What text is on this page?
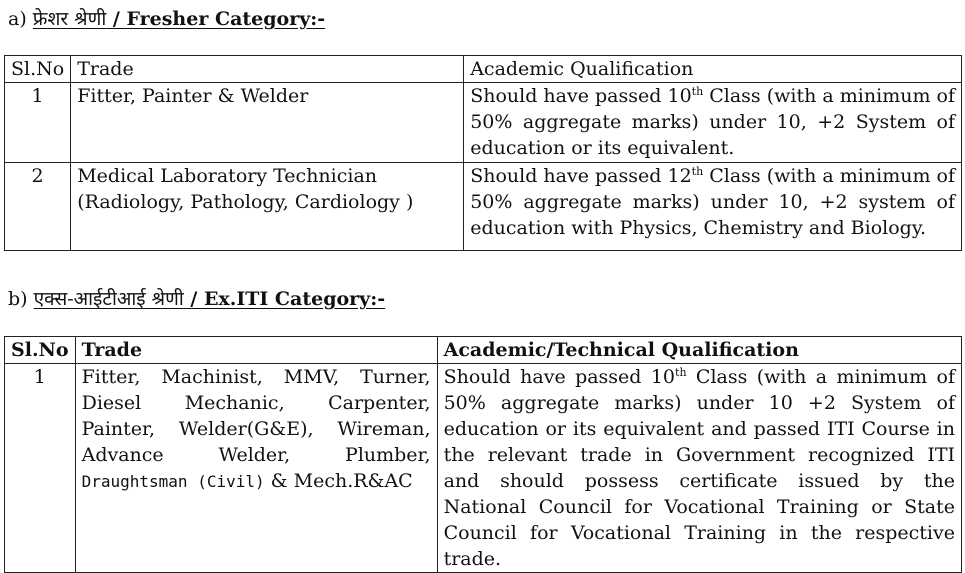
a) फ्रेशर श्रेणी / Fresher Category:-
Sl.No	Trade	Academic Qualification
1	Fitter, Painter & Welder	Should have passed 10th Class (with a minimum of 50% aggregate marks) under 10, +2 System of education or its equivalent.
2	Medical Laboratory Technician (Radiology, Pathology, Cardiology )	Should have passed 12th Class (with a minimum of 50% aggregate marks) under 10, +2 system of education with Physics, Chemistry and Biology.
b) एक्स-आईटीआई श्रेणी / Ex.ITI Category:-
Sl.No	Trade	Academic/Technical Qualification
1	Fitter, Machinist, MMV, Turner, Diesel Mechanic, Carpenter, Painter, Welder(G&E), Wireman, Advance Welder, Plumber, Draughtsman (Civil) & Mech.R&AC	Should have passed 10th Class (with a minimum of 50% aggregate marks) under 10 +2 System of education or its equivalent and passed ITI Course in the relevant trade in Government recognized ITI and should possess certificate issued by the National Council for Vocational Training or State Council for Vocational Training in the respective trade.
